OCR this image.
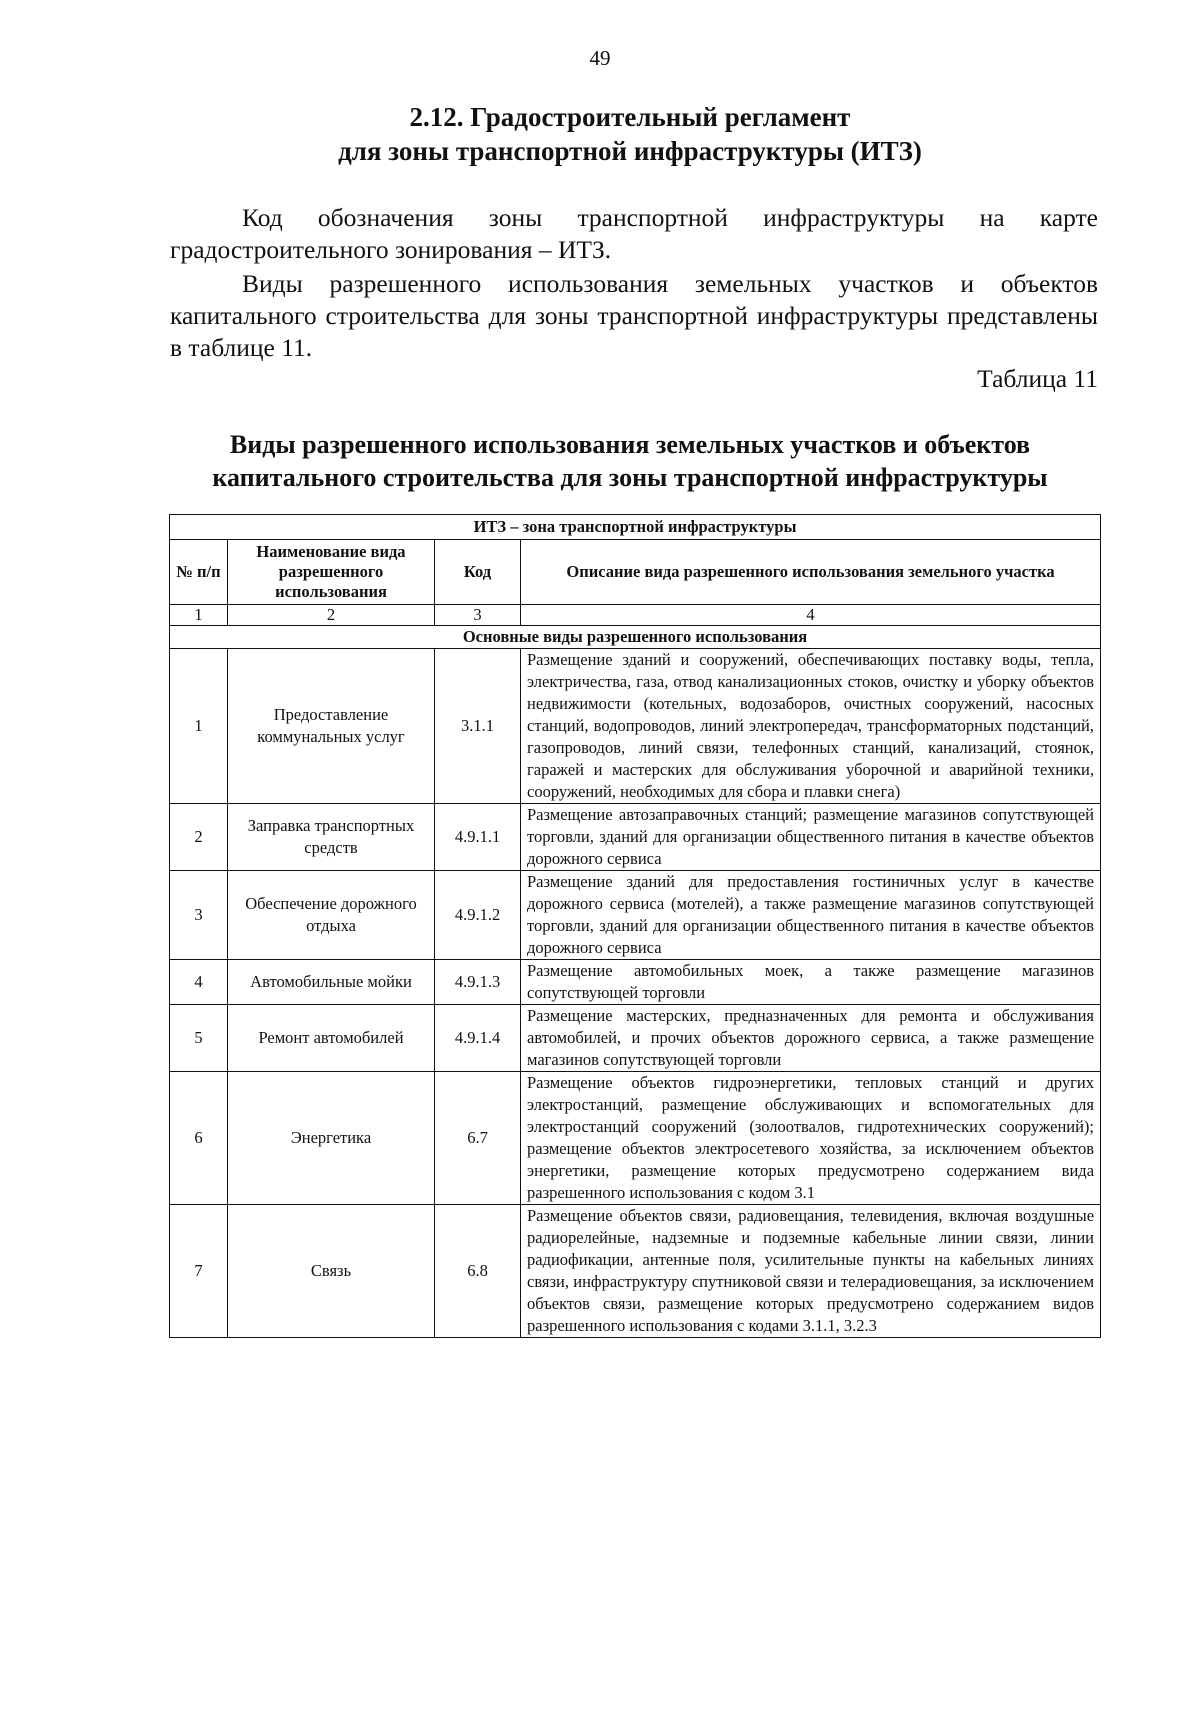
49
2.12. Градостроительный регламент
для зоны транспортной инфраструктуры (ИТЗ)
Код обозначения зоны транспортной инфраструктуры на карте градостроительного зонирования – ИТЗ.
Виды разрешенного использования земельных участков и объектов капитального строительства для зоны транспортной инфраструктуры представлены в таблице 11.
Таблица 11
Виды разрешенного использования земельных участков и объектов
капитального строительства для зоны транспортной инфраструктуры
ИТЗ – зона транспортной инфраструктуры			
№ п/п	Наименование вида разрешенного использования	Код	Описание вида разрешенного использования земельного участка
1	2	3	4
Основные виды разрешенного использования			
1	Предоставление коммунальных услуг	3.1.1	Размещение зданий и сооружений, обеспечивающих поставку воды, тепла, электричества, газа, отвод канализационных стоков, очистку и уборку объектов недвижимости (котельных, водозаборов, очистных сооружений, насосных станций, водопроводов, линий электропередач, трансформаторных подстанций, газопроводов, линий связи, телефонных станций, канализаций, стоянок, гаражей и мастерских для обслуживания уборочной и аварийной техники, сооружений, необходимых для сбора и плавки снега)
2	Заправка транспортных средств	4.9.1.1	Размещение автозаправочных станций; размещение магазинов сопутствующей торговли, зданий для организации общественного питания в качестве объектов дорожного сервиса
3	Обеспечение дорожного отдыха	4.9.1.2	Размещение зданий для предоставления гостиничных услуг в качестве дорожного сервиса (мотелей), а также размещение магазинов сопутствующей торговли, зданий для организации общественного питания в качестве объектов дорожного сервиса
4	Автомобильные мойки	4.9.1.3	Размещение автомобильных моек, а также размещение магазинов сопутствующей торговли
5	Ремонт автомобилей	4.9.1.4	Размещение мастерских, предназначенных для ремонта и обслуживания автомобилей, и прочих объектов дорожного сервиса, а также размещение магазинов сопутствующей торговли
6	Энергетика	6.7	Размещение объектов гидроэнергетики, тепловых станций и других электростанций, размещение обслуживающих и вспомогательных для электростанций сооружений (золоотвалов, гидротехнических сооружений); размещение объектов электросетевого хозяйства, за исключением объектов энергетики, размещение которых предусмотрено содержанием вида разрешенного использования с кодом 3.1
7	Связь	6.8	Размещение объектов связи, радиовещания, телевидения, включая воздушные радиорелейные, надземные и подземные кабельные линии связи, линии радиофикации, антенные поля, усилительные пункты на кабельных линиях связи, инфраструктуру спутниковой связи и телерадиовещания, за исключением объектов связи, размещение которых предусмотрено содержанием видов разрешенного использования с кодами 3.1.1, 3.2.3
